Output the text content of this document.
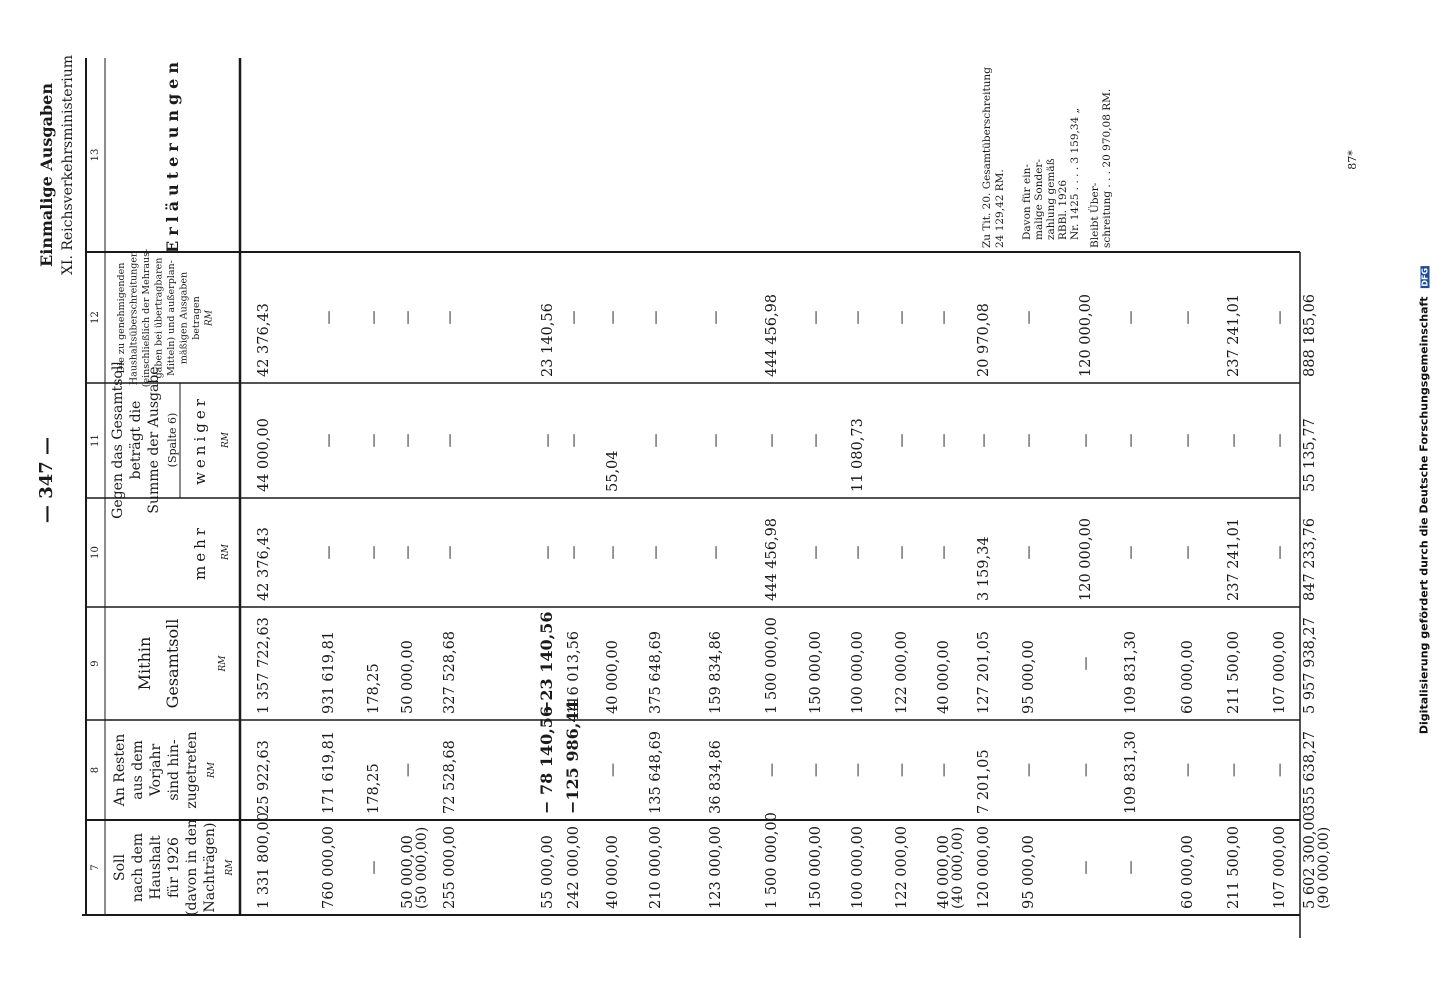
7
8
9
10
11
12
13
Soll nach dem Haushalt für 1926 (davon in den Nachträgen) RM
An Resten aus dem Vorjahr sind hin- zugetreten RM
Mithin Gesamtsoll	RM
Gegen das Gesamtsoll beträgt die Summe der Ausgabe (Spalte 6)
mehr RM
weniger RM
Die zu genehmigenden Haushaltsüberschreitungen (einschließlich der Mehraus- gaben bei übertragbaren Mitteln) und außerplan- mäßigen Ausgaben betragen RM
Erläuterungen
Einmalige Ausgaben XI. Reichsverkehrsministerium
— 347 —
87*
1 331 800,00
25 922,63
1 357 722,63
42 376,43
44 000,00
42 376,43
760 000,00
171 619,81
931 619,81
—
—
—
—
178,25
178,25
—
—
—
50 000,00
—
50 000,00
—
—
—
(50 000,00) 255 000,00
72 528,68
327 528,68
—
—
—
55 000,00
− 78 140,56
−23 140,56
—
—
23 140,56
242 000,00
−125 986,44
116 013,56
—
—
—
40 000,00
—
40 000,00
—
55,04
—
210 000,00
135 648,69
375 648,69
—
—
—
123 000,00
36 834,86
159 834,86
—
—
—
1 500 000,00
—
1 500 000,00
444 456,98
—
444 456,98
150 000,00
—
150 000,00
—
—
—
100 000,00
—
100 000,00
—
11 080,73
—
122 000,00
—
122 000,00
—
—
—
40 000,00
—
40 000,00
—
—
—
(40 000,00) 120 000,00
7 201,05
127 201,05
3 159,34
—
20 970,08
95 000,00
—
95 000,00
—
—
—
—
—
—
120 000,00
—
120 000,00
—
109 831,30
109 831,30
—
—
—
60 000,00
—
60 000,00
—
—
—
211 500,00
—
211 500,00
237 241,01
—
237 241,01
107 000,00
—
107 000,00
—
—
—
5 602 300,00
355 638,27
5 957 938,27
847 233,76
55 135,77
888 185,06
(90 000,00)
Zu Tit. 20. Gesamtüberschreitung 24 129,42 RM. Davon für ein- malige Sonder- zahlung gemäß RBBl. 1926 Nr. 1425 . . . . 3 159,34 „ Bleibt Über- schreitung . . . 20 970,08 RM.
Digitalisierung gefördert durch die Deutsche Forschungsgemeinschaft DFG
